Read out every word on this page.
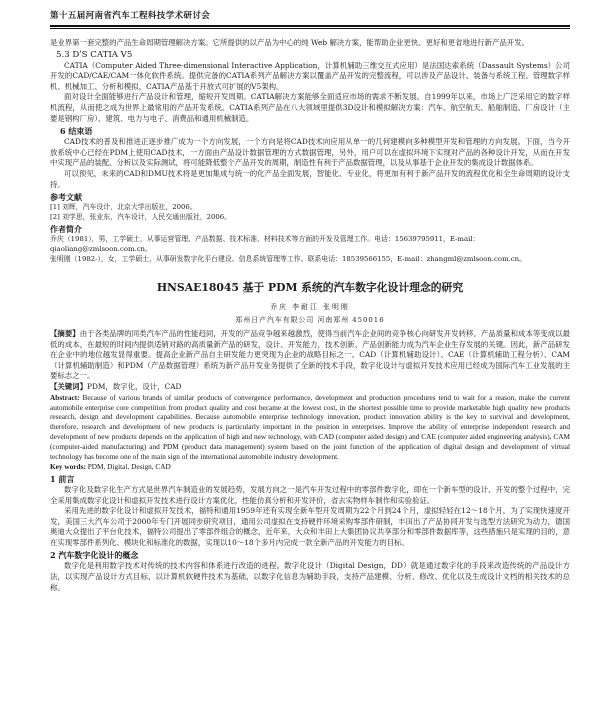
第十五届河南省汽车工程科技学术研讨会

是业界第一套完整的产品生命周期管理解决方案。它所提供的以产品为中心的纯 Web 解决方案，能帮助企业更快、更好和更省地进行新产品开发。

5.3 DʹS CATIA V5

CATIA（Computer Aided Three-dimensional Interactive Application，计算机辅助三维交互式应用）是法国达索系统（Dassault Systems）公司开发的CAD/CAE/CAM一体化软件系统。提供完备的CATIA系列产品解决方案以覆盖产品开发的完整流程，可以涉及产品设计、装备与系统工程、管理数字样机、机械加工、分析和模拟，CATIA产品基于开放式可扩展的V5架构。

面对设计全面能够进行产品设计和管理，缩短开发周期。CATIA解决方案能够全面适应市场的需求不断发展。自1999年以来，市场上广泛采用它的数字样机流程，从而使之成为世界上最常用的产品开发系统。CATIA系列产品在八大领域里提供3D设计和模拟解决方案：汽车、航空航天、船舶制造、厂房设计（主要是钢构厂房）、建筑、电力与电子、消费品和通用机械制造。

6 结束语

CAD技术的普及和推进正逐步推广成为一个方向发展，一个方向是将CAD技术向应用从单一的几何建模向多种模型开发和管理的方向发展。下面，当今开放系统中心已经在PDM上使用CAD技术，一方面由产品设计数据管理的方式数据管理，另外，用户可以在虚拟环境下实现对产品的各种设计开发，从而在开发中实现产品的装配、分析以及实际测试，将可能降低整个产品开发的周期，制造性有利于产品数据管理，以及从事基于企业开发的集成设计数据体系。

可以预见，未来的CAD和DMU技术将是更加集成与统一的化产品全面发展，智能化、专业化，将更加有利于新产品开发的流程优化和全生命周期的设计支持。

参考文献

[1] 刘辉，汽车设计，北京大学出版社，2006。

[2] 刘学思，张业东，汽车设计，人民交通出版社，2006。

作者简介

乔庆（1981），男，工学硕士，从事运营管理、产品数据、技术标准、材料技术等方面的开发及管理工作。电话：15639795911，E-mail：qiaoliang@zmlsoon.com.cn。

张明刚（1982-），女，工学硕士，从事研发数字化平台建设、信息系统管理等工作。联系电话：18539566155，E-mail：zhangml@zmlsoon.com.cn。

HNSAE18045 基于 PDM 系统的汽车数字化设计理念的研究
乔庆 李耐江 张明刚
郑州日产汽车有限公司 河南郑州 450016

【摘要】由于各类品牌的同类汽车产品的性能趋同，开发的产品竞争越来越激烈，使得当前汽车企业间的竞争核心向研发开发转移。产品质量和成本等变成以最低的成本，在最短的时间内提供适销对路的高质量新产品的研发，设计、开发能力，技术创新、产品创新能力成为汽车企业生存发展的关键。因此，新产品研发在企业中的地位越发显得重要。提高企业新产品自主研发能力更突现为企业的战略目标之一。CAD（计算机辅助设计）、CAE（计算机辅助工程分析）、CAM（计算机辅助制造）和PDM（产品数据管理）系统为新产品开发业务提供了全新的技术手段，数字化设计与虚拟开发技术应用已经成为国际汽车工业发展的主要标志之一。

【关键词】PDM，数字化，设计，CAD

Abstract: Because of various brands of similar products of convergence performance, development and production procedures tend to wait for a reason, make the current automobile enterprise core competition from product quality and cost became at the lowest cost, in the shortest possible time to provide marketable high quality new products research, design and development capabilities. Because automobile enterprise technology innovation, product innovation ability is the key to survival and development, therefore, research and development of new products is particularly important in the position in enterprises. Improve the ability of enterprise independent research and development of new products depends on the application of high and new technology, with CAD (computer aided design) and CAE (computer aided engineering analysis), CAM (computer-aided manufacturing) and PDM (product data management) system based on the joint function of the application of digital design and development of virtual technology has become one of the main sign of the international automobile industry development.

Key words: PDM, Digital, Design, CAD

1 前言

数字化及数字化生产方式是世界汽车制造业的发展趋势，发展方向之一是汽车开发过程中的零部件数字化，即在一个新车型的设计、开发的整个过程中，完全采用集成数字化设计和虚拟开发技术进行设计方案优化，性能仿真分析和开发评价，省去实物样车制作和实验验证。

采用先进的数字化设计和虚拟开发技术，福特和通用1959年还有实现全新车型开发周期为22个月到24个月，虚拟轻轻在12～18个月，为了实现快速度开发，美国三大汽车公司于2000年专门开展同步研究项目，通用公司虚拟在支持硬件环境采购零部件研制，丰田出了产品协同开发与选型方法研究为动力，德国奥迪大众提出了平台化技术，福特公司提出了零部件组合的概念，近年来，大众和丰田上大集团协议共享部分和零部件数据库等，这些措施只是实现的目的，意在实现零部件系列化、模块化和标准化的数据，实现以10～18个多月内完成一款全新产品的开发能力的目标。

2 汽车数字化设计的概念

数字化是利用数字技术对传统的技术内容和体系进行改造的进程。数字化设计（Digital Design，DD）就是通过数字化的手段来改造传统的产品设计方法，以实现产品设计方式目标，以计算机软硬件技术为基础，以数字化信息为辅助手段，支持产品建模、分析、修改、优化以及生成设计文档的相关技术的总称。
